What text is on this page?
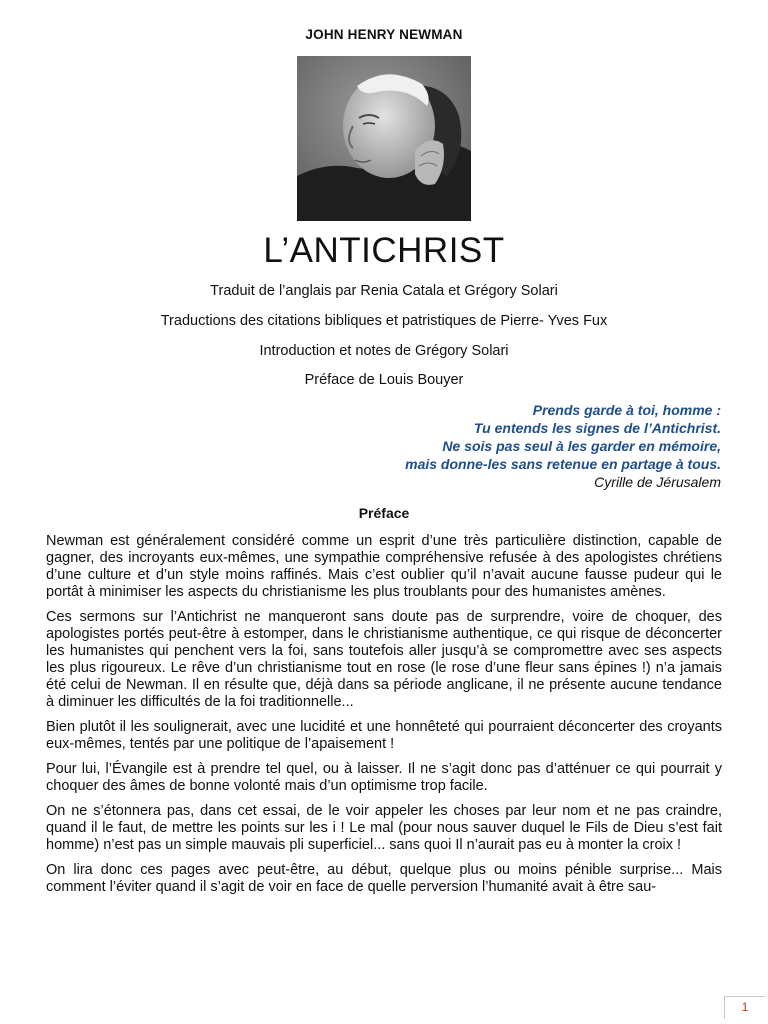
JOHN HENRY NEWMAN
L’ANTICHRIST
Traduit de l’anglais par Renia Catala et Grégory Solari
Traductions des citations bibliques et patristiques de Pierre- Yves Fux
Introduction et notes de Grégory Solari
Préface de Louis Bouyer
Prends garde à toi, homme :
Tu entends les signes de l’Antichrist.
Ne sois pas seul à les garder en mémoire,
mais donne-les sans retenue en partage à tous.
Cyrille de Jérusalem
Préface

Newman est généralement considéré comme un esprit d’une très particulière distinction, capable de gagner, des incroyants eux-mêmes, une sympathie compréhensive refusée à des apologistes chrétiens d’une culture et d’un style moins raffinés. Mais c’est oublier qu’il n’avait aucune fausse pudeur qui le portât à minimiser les aspects du christianisme les plus troublants pour des humanistes amènes.

Ces sermons sur l’Antichrist ne manqueront sans doute pas de surprendre, voire de choquer, des apologistes portés peut-être à estomper, dans le christianisme authentique, ce qui risque de déconcerter les humanistes qui penchent vers la foi, sans toutefois aller jusqu’à se compromettre avec ses aspects les plus rigoureux. Le rêve d’un christianisme tout en rose (le rose d’une fleur sans épines !) n’a jamais été celui de Newman. Il en résulte que, déjà dans sa période anglicane, il ne présente aucune tendance à diminuer les difficultés de la foi traditionnelle...

Bien plutôt il les soulignerait, avec une lucidité et une honnêteté qui pourraient déconcerter des croyants eux-mêmes, tentés par une politique de l’apaisement !

Pour lui, l’Évangile est à prendre tel quel, ou à laisser. Il ne s’agit donc pas d’atténuer ce qui pourrait y choquer des âmes de bonne volonté mais d’un optimisme trop facile.

On ne s’étonnera pas, dans cet essai, de le voir appeler les choses par leur nom et ne pas craindre, quand il le faut, de mettre les points sur les i ! Le mal (pour nous sauver duquel le Fils de Dieu s’est fait homme) n’est pas un simple mauvais pli superficiel... sans quoi Il n’aurait pas eu à monter la croix !

On lira donc ces pages avec peut-être, au début, quelque plus ou moins pénible surprise... Mais comment l’éviter quand il s’agit de voir en face de quelle perversion l’humanité avait à être sau-

1
